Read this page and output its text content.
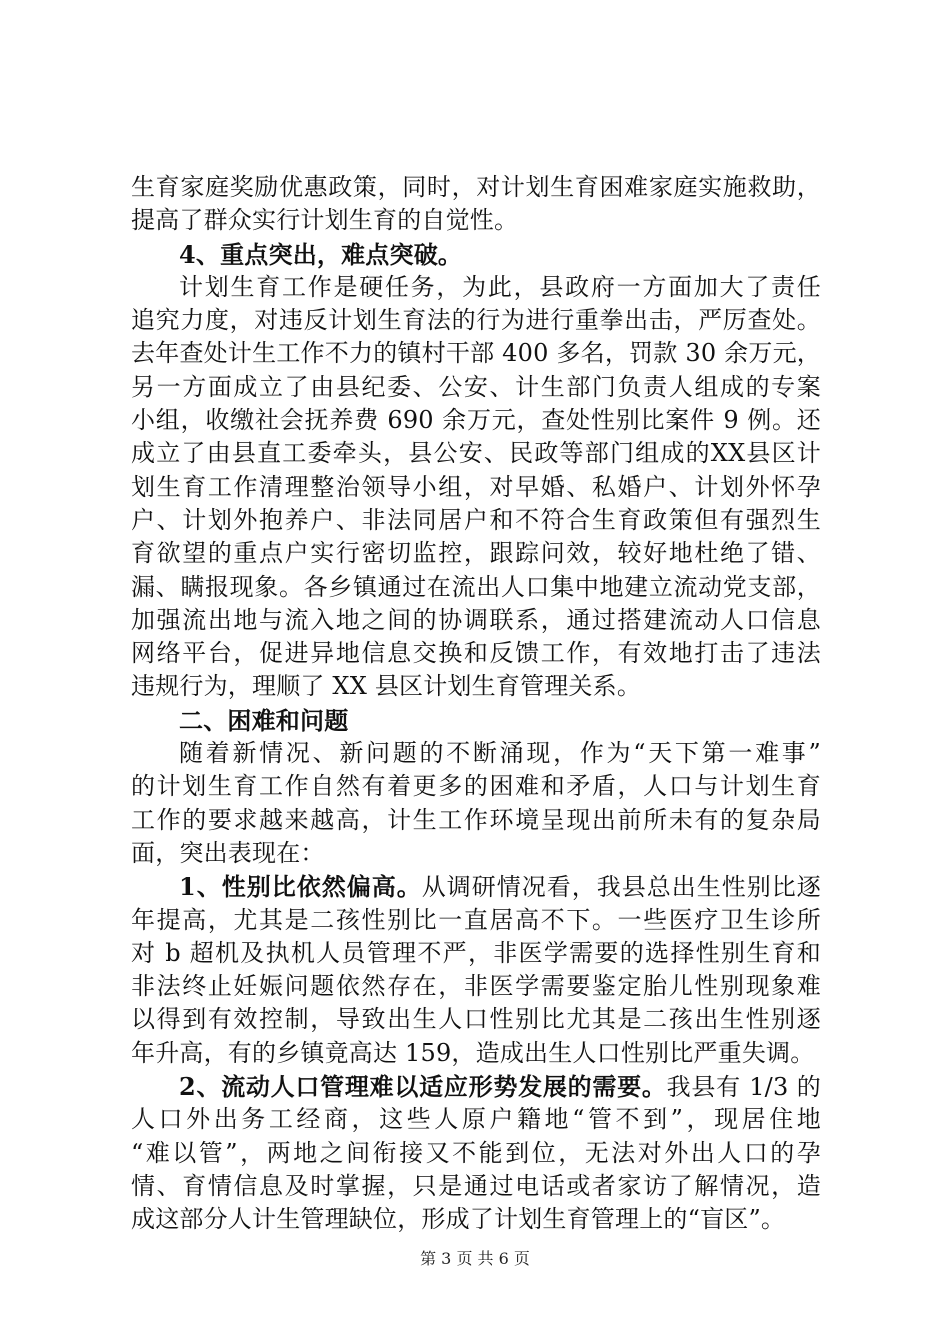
生育家庭奖励优惠政策，同时，对计划生育困难家庭实施救助，
提高了群众实行计划生育的自觉性。
4、重点突出，难点突破。
计划生育工作是硬任务，为此，县政府一方面加大了责任
追究力度，对违反计划生育法的行为进行重拳出击，严厉查处。
去年查处计生工作不力的镇村干部 400 多名，罚款 30 余万元，
另一方面成立了由县纪委、公安、计生部门负责人组成的专案
小组，收缴社会抚养费 690 余万元，查处性别比案件 9 例。还
成立了由县直工委牵头，县公安、民政等部门组成的XX县区计
划生育工作清理整治领导小组，对早婚、私婚户、计划外怀孕
户、计划外抱养户、非法同居户和不符合生育政策但有强烈生
育欲望的重点户实行密切监控，跟踪问效，较好地杜绝了错、
漏、瞒报现象。各乡镇通过在流出人口集中地建立流动党支部，
加强流出地与流入地之间的协调联系，通过搭建流动人口信息
网络平台，促进异地信息交换和反馈工作，有效地打击了违法
违规行为，理顺了 XX 县区计划生育管理关系。
二、困难和问题
随着新情况、新问题的不断涌现，作为“天下第一难事”
的计划生育工作自然有着更多的困难和矛盾，人口与计划生育
工作的要求越来越高，计生工作环境呈现出前所未有的复杂局
面，突出表现在：
1、性别比依然偏高。从调研情况看，我县总出生性别比逐
年提高，尤其是二孩性别比一直居高不下。一些医疗卫生诊所
对 b 超机及执机人员管理不严，非医学需要的选择性别生育和
非法终止妊娠问题依然存在，非医学需要鉴定胎儿性别现象难
以得到有效控制，导致出生人口性别比尤其是二孩出生性别逐
年升高，有的乡镇竟高达 159，造成出生人口性别比严重失调。
2、流动人口管理难以适应形势发展的需要。我县有 1/3 的
人口外出务工经商，这些人原户籍地“管不到”，现居住地
“难以管”，两地之间衔接又不能到位，无法对外出人口的孕
情、育情信息及时掌握，只是通过电话或者家访了解情况，造
成这部分人计生管理缺位，形成了计划生育管理上的“盲区”。
第 3 页 共 6 页
